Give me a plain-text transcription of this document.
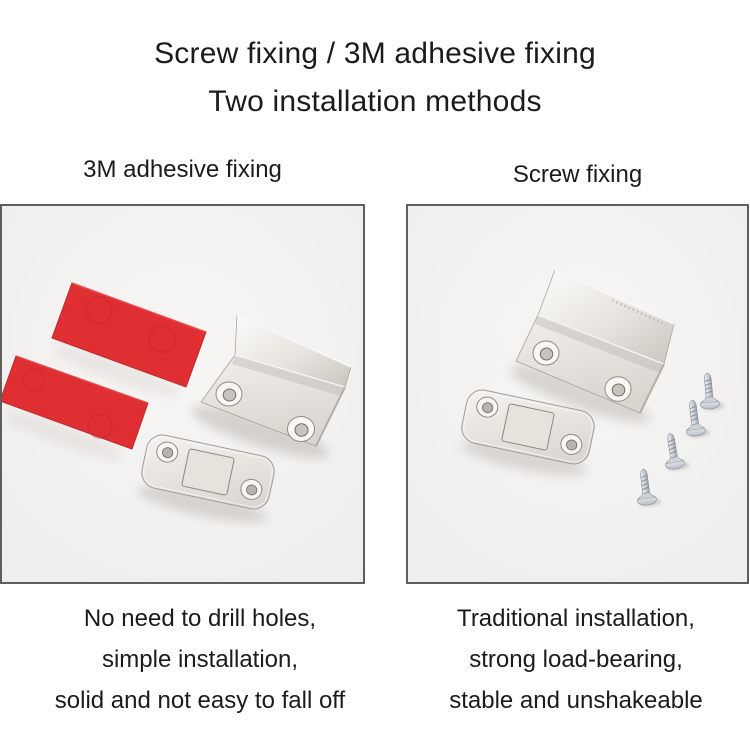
Screw fixing / 3M adhesive fixing
Two installation methods
3M adhesive fixing	Screw fixing
No need to drill holes,
simple installation,
solid and not easy to fall off
Traditional installation,
strong load-bearing,
stable and unshakeable
